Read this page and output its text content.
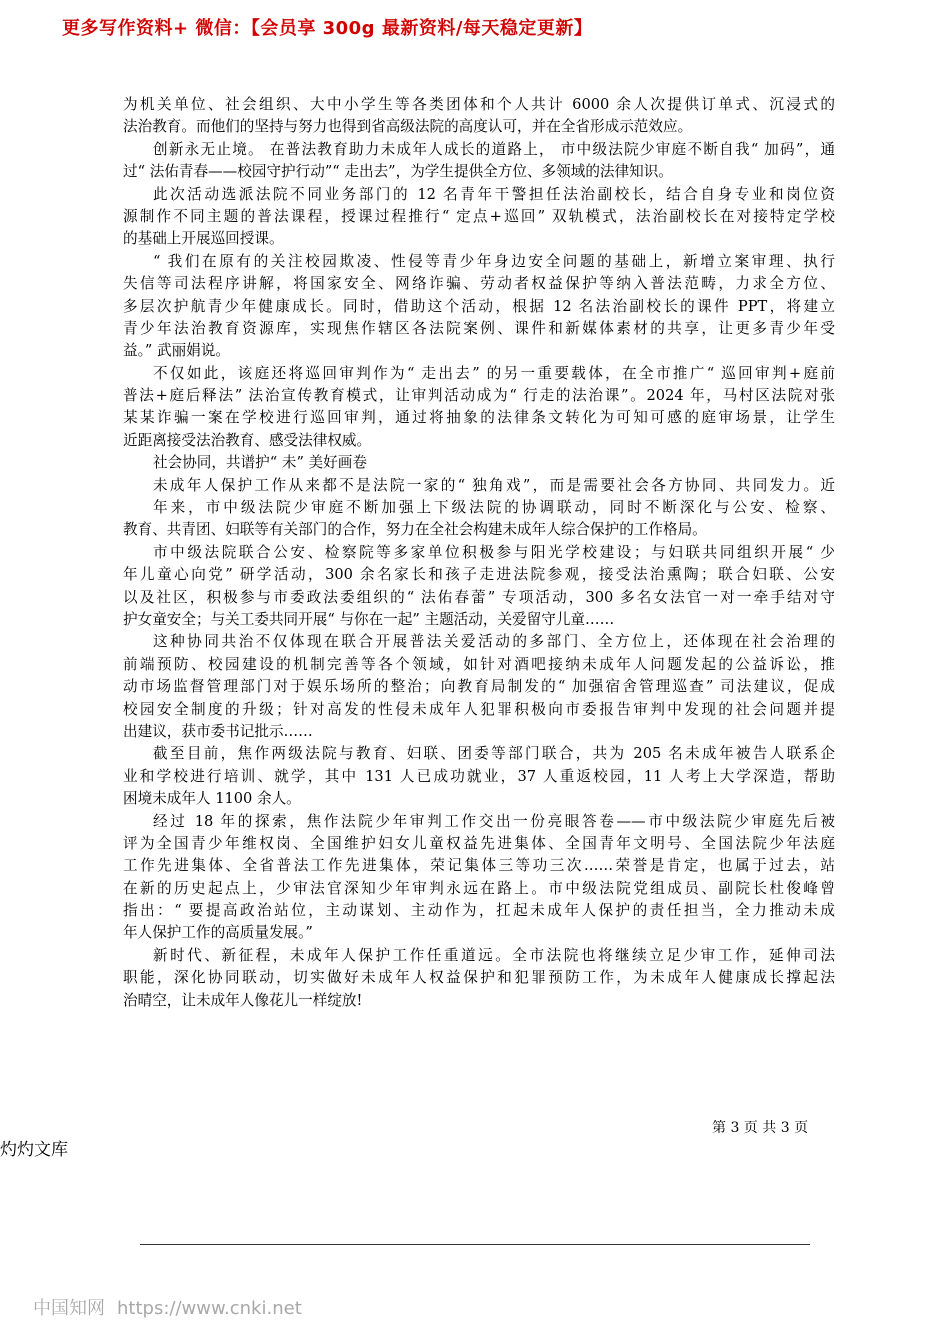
更多写作资料+ 微信：【会员享 300g 最新资料/每天稳定更新】
为机关单位、社会组织、大中小学生等各类团体和个人共计 6000 余人次提供订单式、沉浸式的
法治教育。而他们的坚持与努力也得到省高级法院的高度认可，并在全省形成示范效应。
创新永无止境。 在普法教育助力未成年人成长的道路上， 市中级法院少审庭不断自我“ 加码”，通
过“ 法佑青春——校园守护行动”“ 走出去”，为学生提供全方位、多领域的法律知识。
此次活动选派法院不同业务部门的 12 名青年干警担任法治副校长，结合自身专业和岗位资
源制作不同主题的普法课程，授课过程推行“ 定点+巡回” 双轨模式，法治副校长在对接特定学校
的基础上开展巡回授课。
“ 我们在原有的关注校园欺凌、性侵等青少年身边安全问题的基础上，新增立案审理、执行
失信等司法程序讲解，将国家安全、网络诈骗、劳动者权益保护等纳入普法范畴，力求全方位、
多层次护航青少年健康成长。同时，借助这个活动，根据 12 名法治副校长的课件 PPT，将建立
青少年法治教育资源库，实现焦作辖区各法院案例、课件和新媒体素材的共享，让更多青少年受
益。” 武丽娟说。
不仅如此，该庭还将巡回审判作为“ 走出去” 的另一重要载体，在全市推广“ 巡回审判+庭前
普法+庭后释法” 法治宣传教育模式，让审判活动成为“ 行走的法治课”。2024 年，马村区法院对张
某某诈骗一案在学校进行巡回审判，通过将抽象的法律条文转化为可知可感的庭审场景，让学生
近距离接受法治教育、感受法律权威。
社会协同，共谱护“ 未” 美好画卷
未成年人保护工作从来都不是法院一家的“ 独角戏”，而是需要社会各方协同、共同发力。近
年来，市中级法院少审庭不断加强上下级法院的协调联动，同时不断深化与公安、检察、
教育、共青团、妇联等有关部门的合作，努力在全社会构建未成年人综合保护的工作格局。
市中级法院联合公安、检察院等多家单位积极参与阳光学校建设；与妇联共同组织开展“ 少
年儿童心向党” 研学活动，300 余名家长和孩子走进法院参观，接受法治熏陶；联合妇联、公安
以及社区，积极参与市委政法委组织的“ 法佑春蕾” 专项活动，300 多名女法官一对一牵手结对守
护女童安全；与关工委共同开展“ 与你在一起” 主题活动，关爱留守儿童……
这种协同共治不仅体现在联合开展普法关爱活动的多部门、全方位上，还体现在社会治理的
前端预防、校园建设的机制完善等各个领域，如针对酒吧接纳未成年人问题发起的公益诉讼，推
动市场监督管理部门对于娱乐场所的整治；向教育局制发的“ 加强宿舍管理巡查” 司法建议，促成
校园安全制度的升级；针对高发的性侵未成年人犯罪积极向市委报告审判中发现的社会问题并提
出建议，获市委书记批示……
截至目前，焦作两级法院与教育、妇联、团委等部门联合，共为 205 名未成年被告人联系企
业和学校进行培训、就学，其中 131 人已成功就业，37 人重返校园，11 人考上大学深造，帮助
困境未成年人 1100 余人。
经过 18 年的探索，焦作法院少年审判工作交出一份亮眼答卷——市中级法院少审庭先后被
评为全国青少年维权岗、全国维护妇女儿童权益先进集体、全国青年文明号、全国法院少年法庭
工作先进集体、全省普法工作先进集体，荣记集体三等功三次……荣誉是肯定，也属于过去，站
在新的历史起点上，少审法官深知少年审判永远在路上。市中级法院党组成员、副院长杜俊峰曾
指出：“ 要提高政治站位，主动谋划、主动作为，扛起未成年人保护的责任担当，全力推动未成
年人保护工作的高质量发展。”
新时代、新征程，未成年人保护工作任重道远。全市法院也将继续立足少审工作，延伸司法
职能，深化协同联动，切实做好未成年人权益保护和犯罪预防工作，为未成年人健康成长撑起法
治晴空，让未成年人像花儿一样绽放!
第 3 页 共 3 页
灼灼文库
中国知网 https://www.cnki.net
